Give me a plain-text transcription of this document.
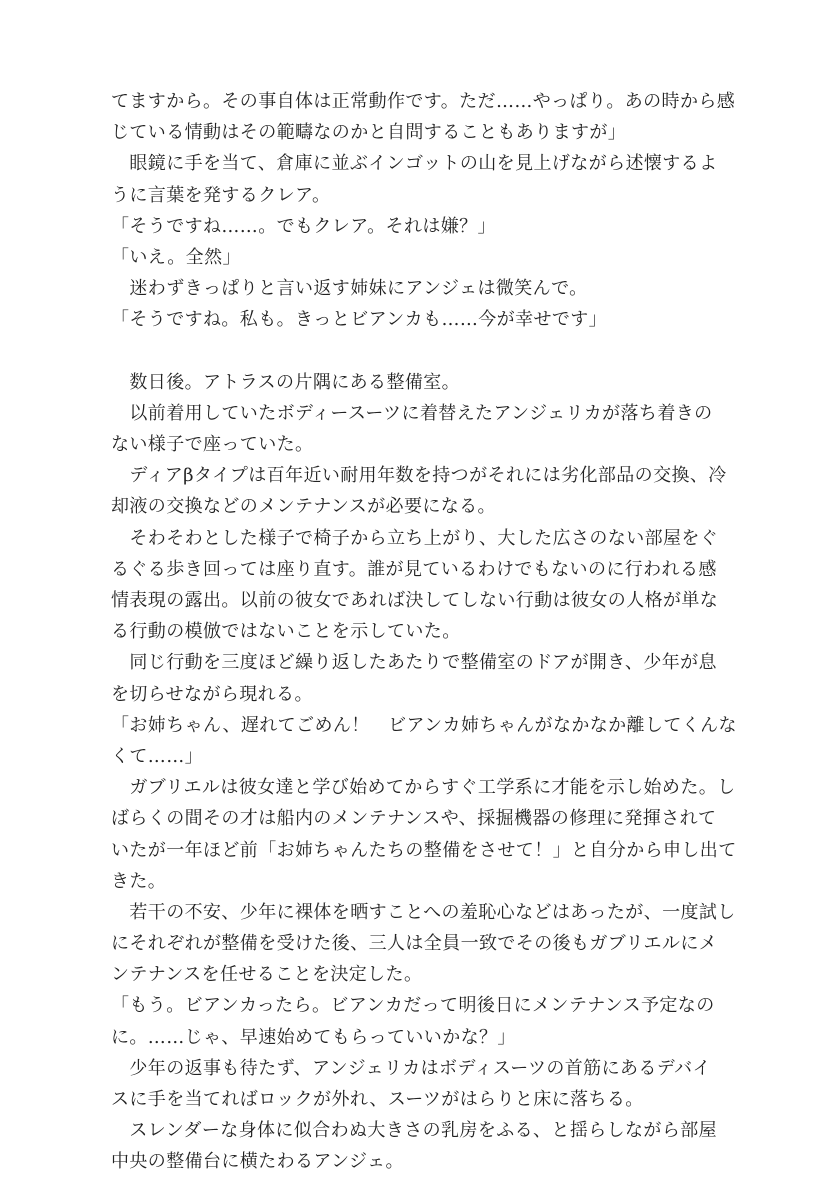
てますから。その事自体は正常動作です。ただ……やっぱり。あの時から感
じている情動はその範疇なのかと自問することもありますが」
　眼鏡に手を当て、倉庫に並ぶインゴットの山を見上げながら述懐するよ
うに言葉を発するクレア。
「そうですね……。でもクレア。それは嫌？」
「いえ。全然」
　迷わずきっぱりと言い返す姉妹にアンジェは微笑んで。
「そうですね。私も。きっとビアンカも……今が幸せです」
　数日後。アトラスの片隅にある整備室。
　以前着用していたボディースーツに着替えたアンジェリカが落ち着きの
ない様子で座っていた。
　ディアβタイプは百年近い耐用年数を持つがそれには劣化部品の交換、冷
却液の交換などのメンテナンスが必要になる。
　そわそわとした様子で椅子から立ち上がり、大した広さのない部屋をぐ
るぐる歩き回っては座り直す。誰が見ているわけでもないのに行われる感
情表現の露出。以前の彼女であれば決してしない行動は彼女の人格が単な
る行動の模倣ではないことを示していた。
　同じ行動を三度ほど繰り返したあたりで整備室のドアが開き、少年が息
を切らせながら現れる。
「お姉ちゃん、遅れてごめん！　ビアンカ姉ちゃんがなかなか離してくんな
くて……」
　ガブリエルは彼女達と学び始めてからすぐ工学系に才能を示し始めた。し
ばらくの間その才は船内のメンテナンスや、採掘機器の修理に発揮されて
いたが一年ほど前「お姉ちゃんたちの整備をさせて！」と自分から申し出て
きた。
　若干の不安、少年に裸体を晒すことへの羞恥心などはあったが、一度試し
にそれぞれが整備を受けた後、三人は全員一致でその後もガブリエルにメ
ンテナンスを任せることを決定した。
「もう。ビアンカったら。ビアンカだって明後日にメンテナンス予定なの
に。……じゃ、早速始めてもらっていいかな？」
　少年の返事も待たず、アンジェリカはボディスーツの首筋にあるデバイ
スに手を当てればロックが外れ、スーツがはらりと床に落ちる。
　スレンダーな身体に似合わぬ大きさの乳房をふる、と揺らしながら部屋
中央の整備台に横たわるアンジェ。
